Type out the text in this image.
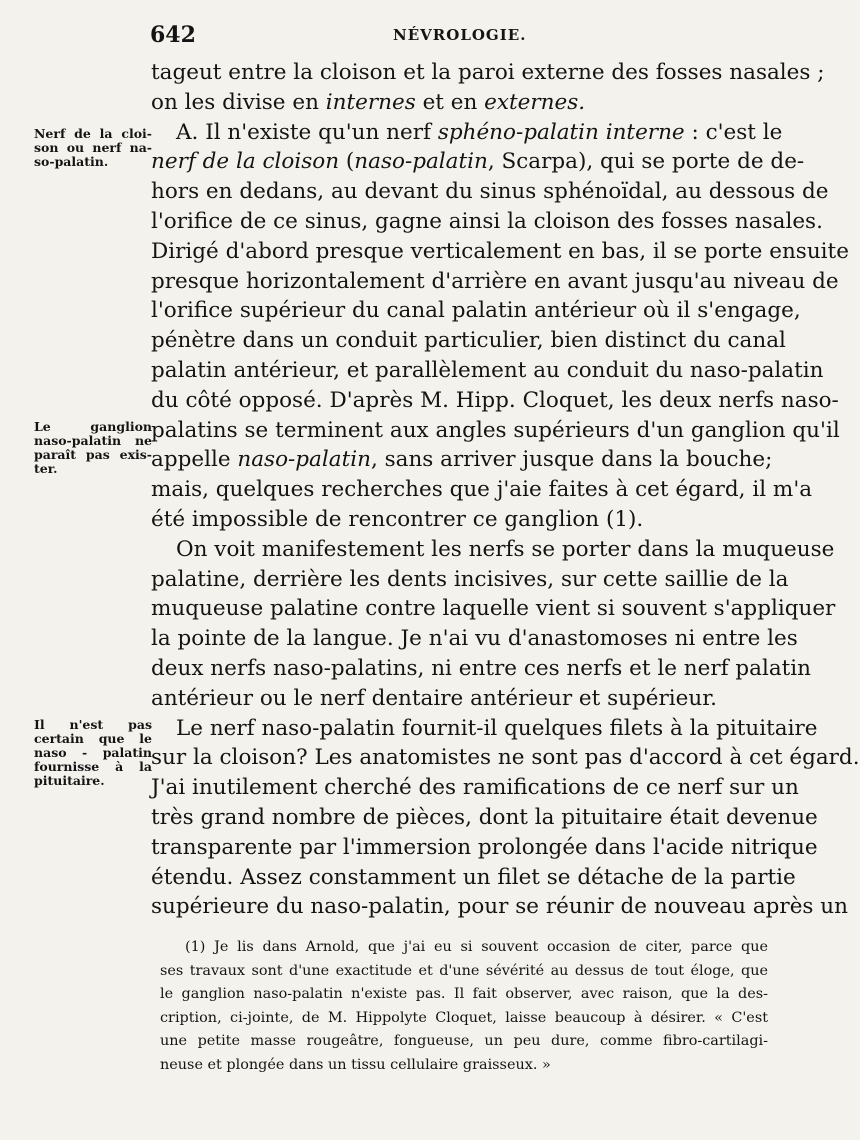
642	NÉVROLOGIE.
Nerf de la cloi-
son ou nerf na-
so-palatin.
Le ganglion
naso-palatin ne
paraît pas exis-
ter.
Il n'est pas
certain que le
naso - palatin
fournisse à la
pituitaire.
tageut entre la cloison et la paroi externe des fosses nasales ;
on les divise en internes et en externes.
A. Il n'existe qu'un nerf sphéno-palatin interne : c'est le
nerf de la cloison (naso-palatin, Scarpa), qui se porte de de-
hors en dedans, au devant du sinus sphénoïdal, au dessous de
l'orifice de ce sinus, gagne ainsi la cloison des fosses nasales.
Dirigé d'abord presque verticalement en bas, il se porte ensuite
presque horizontalement d'arrière en avant jusqu'au niveau de
l'orifice supérieur du canal palatin antérieur où il s'engage,
pénètre dans un conduit particulier, bien distinct du canal
palatin antérieur, et parallèlement au conduit du naso-palatin
du côté opposé. D'après M. Hipp. Cloquet, les deux nerfs naso-
palatins se terminent aux angles supérieurs d'un ganglion qu'il
appelle naso-palatin, sans arriver jusque dans la bouche;
mais, quelques recherches que j'aie faites à cet égard, il m'a
été impossible de rencontrer ce ganglion (1).
On voit manifestement les nerfs se porter dans la muqueuse
palatine, derrière les dents incisives, sur cette saillie de la
muqueuse palatine contre laquelle vient si souvent s'appliquer
la pointe de la langue. Je n'ai vu d'anastomoses ni entre les
deux nerfs naso-palatins, ni entre ces nerfs et le nerf palatin
antérieur ou le nerf dentaire antérieur et supérieur.
Le nerf naso-palatin fournit-il quelques filets à la pituitaire
sur la cloison? Les anatomistes ne sont pas d'accord à cet égard.
J'ai inutilement cherché des ramifications de ce nerf sur un
très grand nombre de pièces, dont la pituitaire était devenue
transparente par l'immersion prolongée dans l'acide nitrique
étendu. Assez constamment un filet se détache de la partie
supérieure du naso-palatin, pour se réunir de nouveau après un
(1) Je lis dans Arnold, que j'ai eu si souvent occasion de citer, parce que
ses travaux sont d'une exactitude et d'une sévérité au dessus de tout éloge, que
le ganglion naso-palatin n'existe pas. Il fait observer, avec raison, que la des-
cription, ci-jointe, de M. Hippolyte Cloquet, laisse beaucoup à désirer. « C'est
une petite masse rougeâtre, fongueuse, un peu dure, comme fibro-cartilagi-
neuse et plongée dans un tissu cellulaire graisseux. »
